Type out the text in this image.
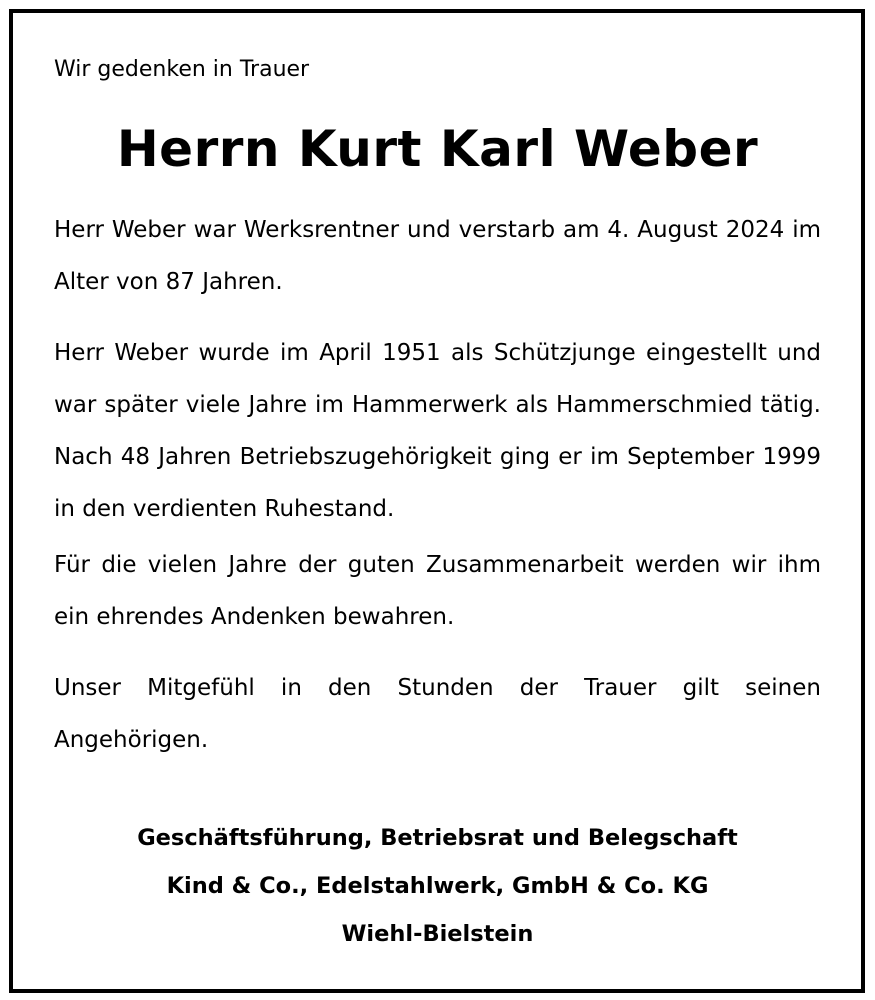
Wir gedenken in Trauer

Herrn Kurt Karl Weber

Herr Weber war Werksrentner und verstarb am 4. August 2024 im Alter von 87 Jahren.

Herr Weber wurde im April 1951 als Schützjunge eingestellt und war später viele Jahre im Hammerwerk als Hammerschmied tätig. Nach 48 Jahren Betriebszugehörigkeit ging er im September 1999 in den verdienten Ruhestand.

Für die vielen Jahre der guten Zusammenarbeit werden wir ihm ein ehrendes Andenken bewahren.

Unser Mitgefühl in den Stunden der Trauer gilt seinen Angehörigen.

Geschäftsführung, Betriebsrat und Belegschaft
Kind & Co., Edelstahlwerk, GmbH & Co. KG
Wiehl-Bielstein
